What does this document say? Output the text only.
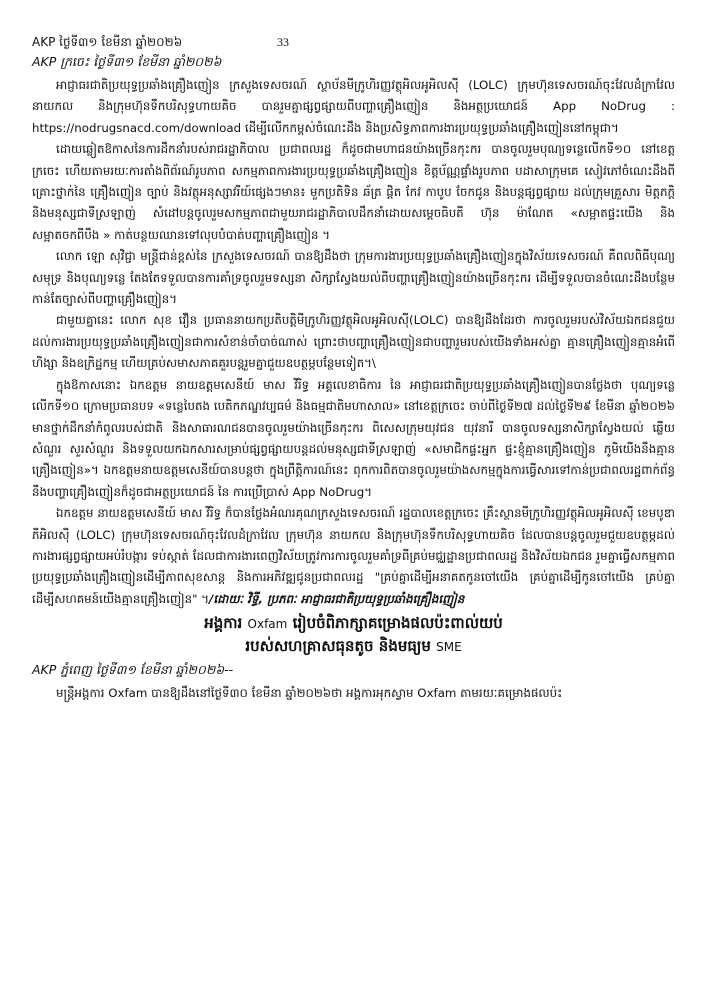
AKP ថ្ងៃទី៣១ ខែមីនា ឆ្នាំ២០២៦	33
AKP ក្រចេះ ថ្ងៃទី៣១ ខែមីនា ឆ្នាំ២០២៦

អាជ្ញាធរជាតិប្រយុទ្ធប្រឆាំងគ្រឿងញៀន ក្រសួងទេសចរណ៍ ស្ថាប័នមីក្រូហិរញ្ញវត្ថុអិលអូអិលស៊ី (LOLC) ក្រុមហ៊ុនទេសចរណ៍ចុះវែលដំក្រាវែល នាយកល និងក្រុមហ៊ុនទឹកបរិសុទ្ធហាយគិច បានរួមគ្នាផ្សព្វផ្សាយពីបញ្ហាគ្រឿងញៀន និងអត្ថប្រយោជន៍ App NoDrug : https://nodrugsnacd.com/download ដើម្បីលើកកម្ពស់ចំណេះដឹង និងប្រសិទ្ធភាពការងារប្រយុទ្ធប្រឆាំងគ្រឿងញៀននៅកម្ពុជា។

ដោយឆ្លៀតឱកាសនៃការដឹកនាំរបស់រាជរដ្ឋាភិបាល ប្រជាពលរដ្ឋ ក៏ដូចជាមហាជនយ៉ាងច្រើនកុះករ បានចូលរួមបុណ្យទន្លេលើកទី១០ នៅខេត្តក្រចេះ ហើយតាមរយៈការតាំងពិព័រណ៍រូបភាព សកម្មភាពការងារប្រយុទ្ធប្រឆាំងគ្រឿងញៀន ខិត្តប័ណ្ណផ្ទាំងរូបភាព បដាសាក្រុមគេ សៀវភៅចំណេះដឹងពីគ្រោះថ្នាក់នៃ គ្រឿងញៀន ច្បាប់ និងវត្ថុអនុស្សាវរីយ៍ផ្សេងៗមាន៖ មួកប្រតិទិន ឆ័ត្រ ផ្តិត កែវ កាបូប ចែកជូន និងបន្តផ្សព្វផ្សាយ ដល់ក្រុមគ្រួសារ មិត្តភក្តិ និងមនុស្សជាទីស្រឡាញ់ សំដៅបន្តចូលរួមសកម្មភាពជាមួយរាជរដ្ឋាភិបាលដឹកនាំដោយសម្តេចធិបតី ហ៊ុន ម៉ាណែត «សម្អាតផ្ទះយើង និងសម្អាតចកពីបឹង » កាត់បន្ថយឈានទៅលុបបំបាត់បញ្ហាគ្រឿងញៀន ។

លោក ឡោ សុវិជ្ជា មន្ត្រីជាន់ខ្ពស់នៃ ក្រសួងទេសចរណ៍ បានឱ្យដឹងថា ក្រុមការងារប្រយុទ្ធប្រឆាំងគ្រឿងញៀនក្នុងវិស័យទេសចរណ៍ គឺពលពិធីបុណ្យសមុទ្រ និងបុណ្យទន្លេ តែងតែទទួលបានការគាំទ្រចូលរួមទស្សនា សិក្សាស្វែងយល់ពីបញ្ហាគ្រឿងញៀនយ៉ាងច្រើនកុះករ ដើម្បីទទួលបានចំណេះដឹងបន្ថែមកាន់តែច្បាស់ពីបញ្ហាគ្រឿងញៀន។

ជាមួយគ្នានេះ លោក សុខ វឿន ប្រធាននាយកប្រតិបត្តិមីក្រូហិរញ្ញវត្ថុអិលអូអិលស៊ី(LOLC) បានឱ្យដឹងដែរថា ការចូលរួមរបស់វិស័យឯកជនជួយដល់ការងារប្រយុទ្ធប្រឆាំងគ្រឿងញៀនជាការសំខាន់ចាំបាច់ណាស់ ព្រោះថាបញ្ហាគ្រឿងញៀនជាបញ្ហារួមរបស់យើងទាំងអស់គ្នា គ្មានគ្រឿងញៀនគ្មានអំពើហិង្សា និងឧក្រិដ្ឋកម្ម ហើយគ្រប់សមាសភាគគួរបន្តរួមគ្នាជួយឧបត្ថម្ភបន្ថែមទៀត។\

ក្នុងឱកាសនោះ ឯកឧត្តម នាយឧត្តមសេនីយ៍ មាស វិរិទ្ធ អគ្គលេខាធិការ នៃ អាជ្ញាធរជាតិប្រយុទ្ធប្រឆាំងគ្រឿងញៀនបានថ្លែងថា បុណ្យទន្លេលើកទី១០ ក្រោមប្រធានបទ «ទន្លេបៃតង បេតិកភណ្ឌវប្បធម៌ និងធម្មជាតិមហាសាល» នៅខេត្តក្រចេះ ចាប់ពីថ្ងៃទី២៧ ដល់ថ្ងៃទី២៩ ខែមីនា ឆ្នាំ២០២៦ មានថ្នាក់ដឹកនាំកំពូលរបស់ជាតិ និងសាធារណជនបានចូលរួមយ៉ាងច្រើនកុះករ ពិសេសក្រុមយុវជន យុវនារី បានចូលទស្សនាសិក្សាស្វែងយល់ ឆ្លើយសំណួរ សួរសំណួរ និងទទួលយកឯកសារសម្រាប់ផ្សព្វផ្សាយបន្តដល់មនុស្សជាទីស្រឡាញ់ «សមាជិកផ្ទះអ្នក ផ្ទះខ្ញុំគ្មានគ្រឿងញៀន ភូមិយើងនឹងគ្មានគ្រឿងញៀន»។ ឯកឧត្តមនាយឧត្តមសេនីយ៍បានបន្តថា ក្នុងព្រឹត្តិការណ៍នេះ ពុកការពិតបានចូលរួមយ៉ាងសកម្មក្នុងការធ្វើសារទៅកាន់ប្រជាពលរដ្ឋពាក់ព័ន្ធនឹងបញ្ហាគ្រឿងញៀនក៏ដូចជាអត្ថប្រយោជន៍ នៃ ការប្រើប្រាស់ App NoDrug។

ឯកឧត្តម នាយឧត្តមសេនីយ៍ មាស វិរិទ្ធ ក៏បានថ្លែងអំណរគុណក្រសួងទេសចរណ៍ រដ្ឋបាលខេត្តក្រចេះ គ្រឹះស្ថានមីក្រូហិរញ្ញវត្ថុអិលអូអិលស៊ី ខេមបូឌា ភីអិលស៊ី (LOLC) ក្រុមហ៊ុនទេសចរណ៍ចុះវែលដំក្រាវែល ក្រុមហ៊ុន នាយកល និងក្រុមហ៊ុនទឹកបរិសុទ្ធហាយគិច ដែលបានបន្តចូលរួមជួយឧបត្ថម្ភដល់ការងារផ្សព្វផ្សាយអប់រំបង្ការ ទប់ស្កាត់ ដែលជាការងារពេញវិស័យត្រូវការការចូលរួមគាំទ្រពីគ្រប់មជ្ឈដ្ឋានប្រជាពលរដ្ឋ និងវិស័យឯកជន រួមគ្នាធ្វើសកម្មភាពប្រយុទ្ធប្រឆាំងគ្រឿងញៀនដើម្បីភាពសុខសាន្ត និងការអភិវឌ្ឍជូនប្រជាពលរដ្ឋ "គ្រប់គ្នាដើម្បីអនាគតកូនចៅយើង គ្រប់គ្នាដើម្បីកូនចៅយើង គ្រប់គ្នាដើម្បីសហគមន៍យើងគ្មានគ្រឿងញៀន" ។/ដោយៈ វិទ្ធី, ប្រភពៈ អាជ្ញាធរជាតិប្រយុទ្ធប្រឆាំងគ្រឿងញៀន

អង្គការ Oxfam រៀបចំពិភាក្សាគម្រោងផលប៉ះពាល់យប់
របស់សហគ្រាសធុនតូច និងមធ្យម SME
AKP ភ្នំពេញ ថ្ងៃទី៣១ ខែមីនា ឆ្នាំ២០២៦--

មន្ត្រីអង្គការ Oxfam បានឱ្យដឹងនៅថ្ងៃទី៣០ ខែមីនា ឆ្នាំ២០២៦ថា អង្គការអុកស្វាម Oxfam តាមរយៈគម្រោងផលប៉ះ
